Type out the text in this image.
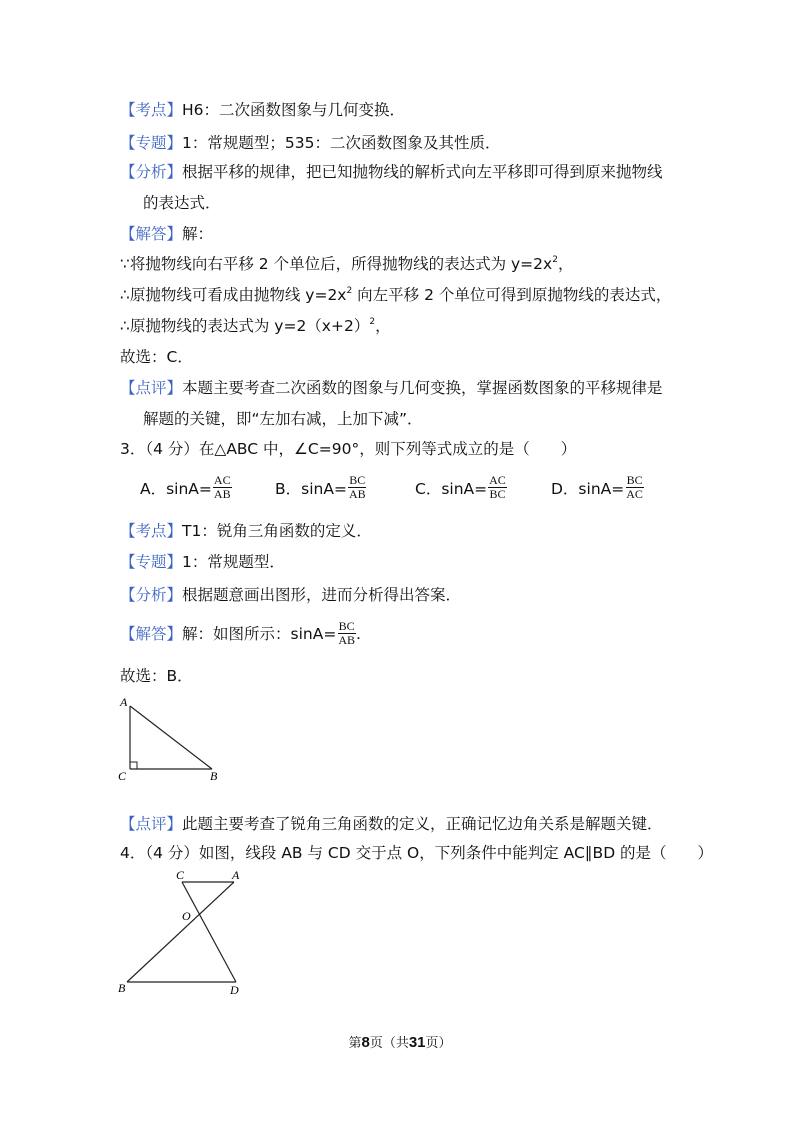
【考点】H6：二次函数图象与几何变换．
【专题】1：常规题型；535：二次函数图象及其性质．
【分析】根据平移的规律，把已知抛物线的解析式向左平移即可得到原来抛物线
的表达式．
【解答】解：
∵将抛物线向右平移 2 个单位后，所得抛物线的表达式为 $y=2x^2$，
∴原抛物线可看成由抛物线 $y=2x^2$ 向左平移 2 个单位可得到原抛物线的表达式，
∴原抛物线的表达式为 $y=2(x+2)^2$，
故选：C．
【点评】本题主要考查二次函数的图象与几何变换，掌握函数图象的平移规律是
解题的关键，即“左加右减，上加下减”．
3．（4 分）在△ABC 中，∠C=90°，则下列等式成立的是（　　）
A．$\sin A= \frac{AC}{AB}$	B．$\sin A= \frac{BC}{AB}$	C．$\sin A= \frac{AC}{BC}$	D．$\sin A= \frac{BC}{AC}$
【考点】T1：锐角三角函数的定义．
【专题】1：常规题型．
【分析】根据题意画出图形，进而分析得出答案．
【解答】 解：如图所示：$\sin A= \frac{BC}{AB}$ .
故选：B．
A
C	B
【点评】此题主要考查了锐角三角函数的定义，正确记忆边角关系是解题关键．
4．（4 分）如图，线段 AB 与 CD 交于点 O，下列条件中能判定 AC∥BD 的是（　　）
C	A
O
B	D
第8页（共31页）
